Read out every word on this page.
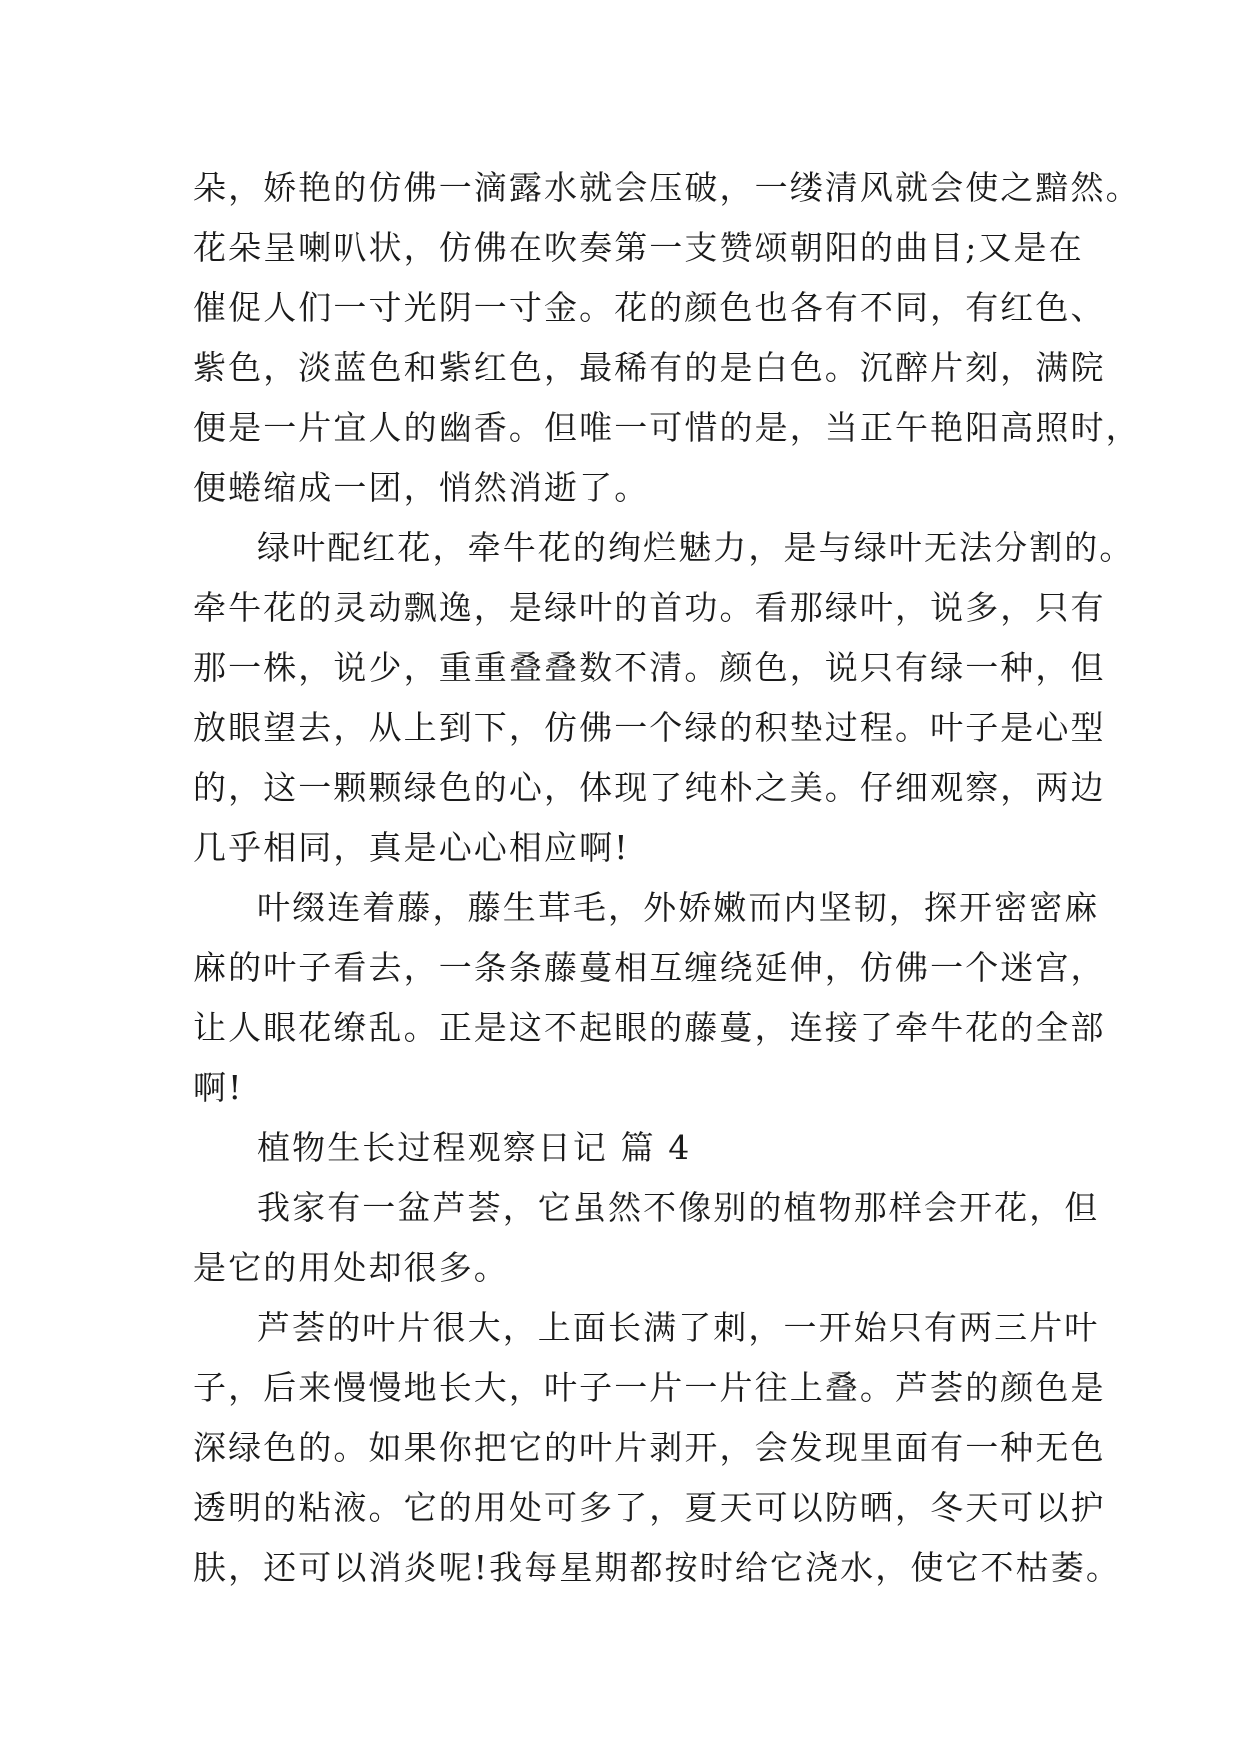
朵，娇艳的仿佛一滴露水就会压破，一缕清风就会使之黯然。
花朵呈喇叭状，仿佛在吹奏第一支赞颂朝阳的曲目;又是在
催促人们一寸光阴一寸金。花的颜色也各有不同，有红色、
紫色，淡蓝色和紫红色，最稀有的是白色。沉醉片刻，满院
便是一片宜人的幽香。但唯一可惜的是，当正午艳阳高照时，
便蜷缩成一团，悄然消逝了。
绿叶配红花，牵牛花的绚烂魅力，是与绿叶无法分割的。
牵牛花的灵动飘逸，是绿叶的首功。看那绿叶，说多，只有
那一株，说少，重重叠叠数不清。颜色，说只有绿一种，但
放眼望去，从上到下，仿佛一个绿的积垫过程。叶子是心型
的，这一颗颗绿色的心，体现了纯朴之美。仔细观察，两边
几乎相同，真是心心相应啊!
叶缀连着藤，藤生茸毛，外娇嫩而内坚韧，探开密密麻
麻的叶子看去，一条条藤蔓相互缠绕延伸，仿佛一个迷宫，
让人眼花缭乱。正是这不起眼的藤蔓，连接了牵牛花的全部
啊!
植物生长过程观察日记 篇 4
我家有一盆芦荟，它虽然不像别的植物那样会开花，但
是它的用处却很多。
芦荟的叶片很大，上面长满了刺，一开始只有两三片叶
子，后来慢慢地长大，叶子一片一片往上叠。芦荟的颜色是
深绿色的。如果你把它的叶片剥开，会发现里面有一种无色
透明的粘液。它的用处可多了，夏天可以防晒，冬天可以护
肤，还可以消炎呢!我每星期都按时给它浇水，使它不枯萎。
